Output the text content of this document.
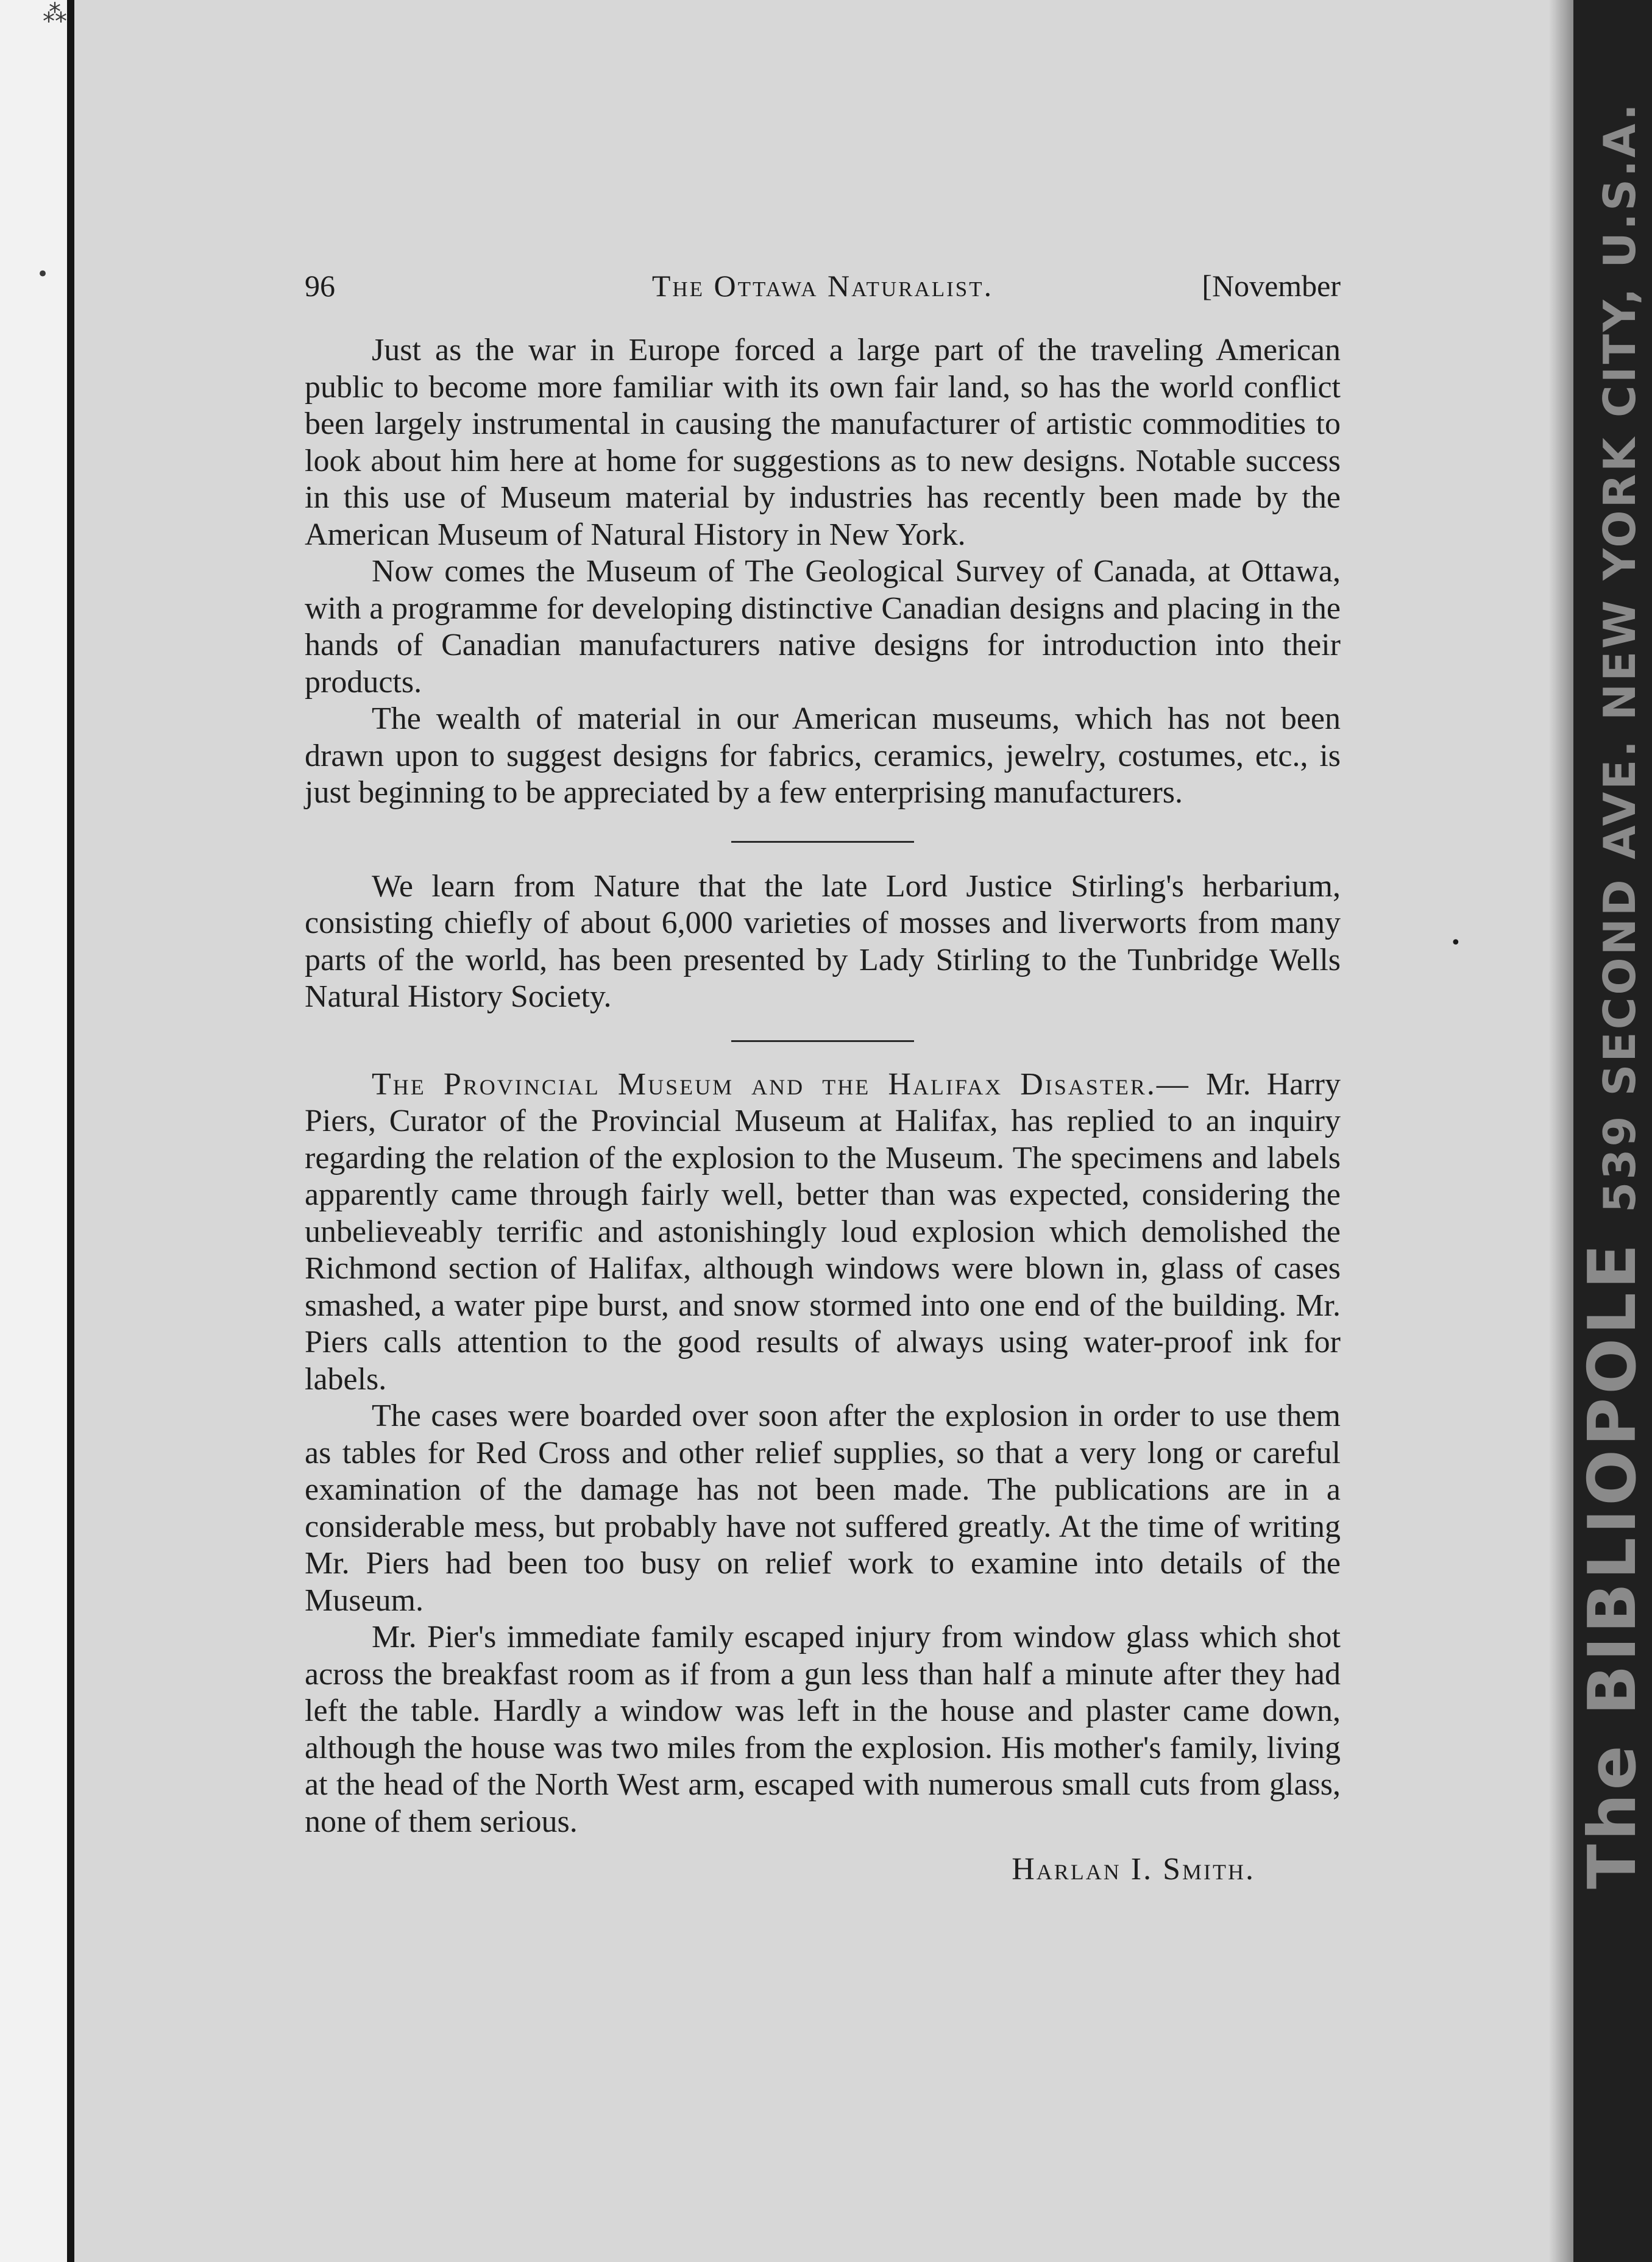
⁂
•	96	The Ottawa Naturalist.	[November

Just as the war in Europe forced a large part of the traveling American public to become more familiar with its own fair land, so has the world conflict been largely instrumental in causing the manufacturer of artistic commodities to look about him here at home for suggestions as to new designs. Notable success in this use of Museum material by industries has recently been made by the American Museum of Natural History in New York.

Now comes the Museum of The Geological Survey of Canada, at Ottawa, with a programme for developing distinctive Canadian designs and placing in the hands of Canadian manufacturers native designs for introduction into their products.

The wealth of material in our American museums, which has not been drawn upon to suggest designs for fabrics, ceramics, jewelry, costumes, etc., is just beginning to be appreciated by a few enterprising manufacturers.

We learn from Nature that the late Lord Justice Stirling's herbarium, consisting chiefly of about 6,000 varieties of mosses and liverworts from many parts of the world, has been presented by Lady Stirling to the Tunbridge Wells Natural History Society.

The Provincial Museum and the Halifax Disaster.— Mr. Harry Piers, Curator of the Provincial Museum at Halifax, has replied to an inquiry regarding the relation of the explosion to the Museum. The specimens and labels apparently came through fairly well, better than was expected, considering the unbelieveably terrific and astonishingly loud explosion which demolished the Richmond section of Halifax, although windows were blown in, glass of cases smashed, a water pipe burst, and snow stormed into one end of the building. Mr. Piers calls attention to the good results of always using water-proof ink for labels.

The cases were boarded over soon after the explosion in order to use them as tables for Red Cross and other relief supplies, so that a very long or careful examination of the damage has not been made. The publications are in a considerable mess, but probably have not suffered greatly. At the time of writing Mr. Piers had been too busy on relief work to examine into details of the Museum.

Mr. Pier's immediate family escaped injury from window glass which shot across the breakfast room as if from a gun less than half a minute after they had left the table. Hardly a window was left in the house and plaster came down, although the house was two miles from the explosion. His mother's family, living at the head of the North West arm, escaped with numerous small cuts from glass, none of them serious.

Harlan I. Smith.	The BIBLIOPOLE 539 SECOND AVE. NEW YORK CITY, U.S.A.
•
